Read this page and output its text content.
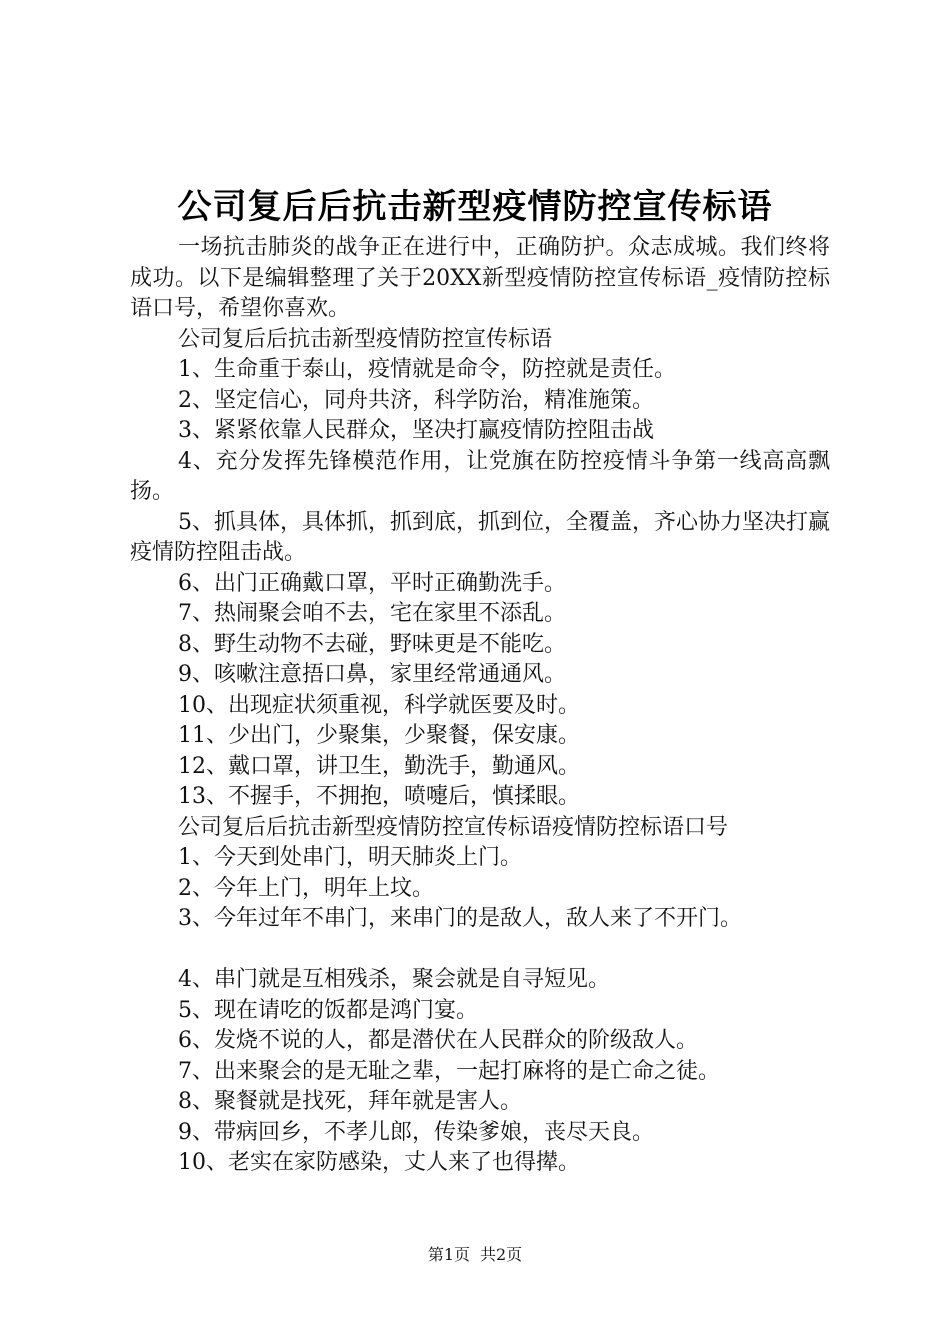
公司复后后抗击新型疫情防控宣传标语

一场抗击肺炎的战争正在进行中，正确防护。众志成城。我们终将成功。以下是编辑整理了关于20XX新型疫情防控宣传标语_疫情防控标语口号，希望你喜欢。

公司复后后抗击新型疫情防控宣传标语

1、生命重于泰山，疫情就是命令，防控就是责任。

2、坚定信心，同舟共济，科学防治，精准施策。

3、紧紧依靠人民群众，坚决打赢疫情防控阻击战

4、充分发挥先锋模范作用，让党旗在防控疫情斗争第一线高高飘扬。

5、抓具体，具体抓，抓到底，抓到位，全覆盖，齐心协力坚决打赢疫情防控阻击战。

6、出门正确戴口罩，平时正确勤洗手。

7、热闹聚会咱不去，宅在家里不添乱。

8、野生动物不去碰，野味更是不能吃。

9、咳嗽注意捂口鼻，家里经常通通风。

10、出现症状须重视，科学就医要及时。

11、少出门，少聚集，少聚餐，保安康。

12、戴口罩，讲卫生，勤洗手，勤通风。

13、不握手，不拥抱，喷嚏后，慎揉眼。

公司复后后抗击新型疫情防控宣传标语疫情防控标语口号

1、今天到处串门，明天肺炎上门。

2、今年上门，明年上坟。

3、今年过年不串门，来串门的是敌人，敌人来了不开门。

4、串门就是互相残杀，聚会就是自寻短见。

5、现在请吃的饭都是鸿门宴。

6、发烧不说的人，都是潜伏在人民群众的阶级敌人。

7、出来聚会的是无耻之辈，一起打麻将的是亡命之徒。

8、聚餐就是找死，拜年就是害人。

9、带病回乡，不孝儿郎，传染爹娘，丧尽天良。

10、老实在家防感染，丈人来了也得撵。

第1页 共2页
